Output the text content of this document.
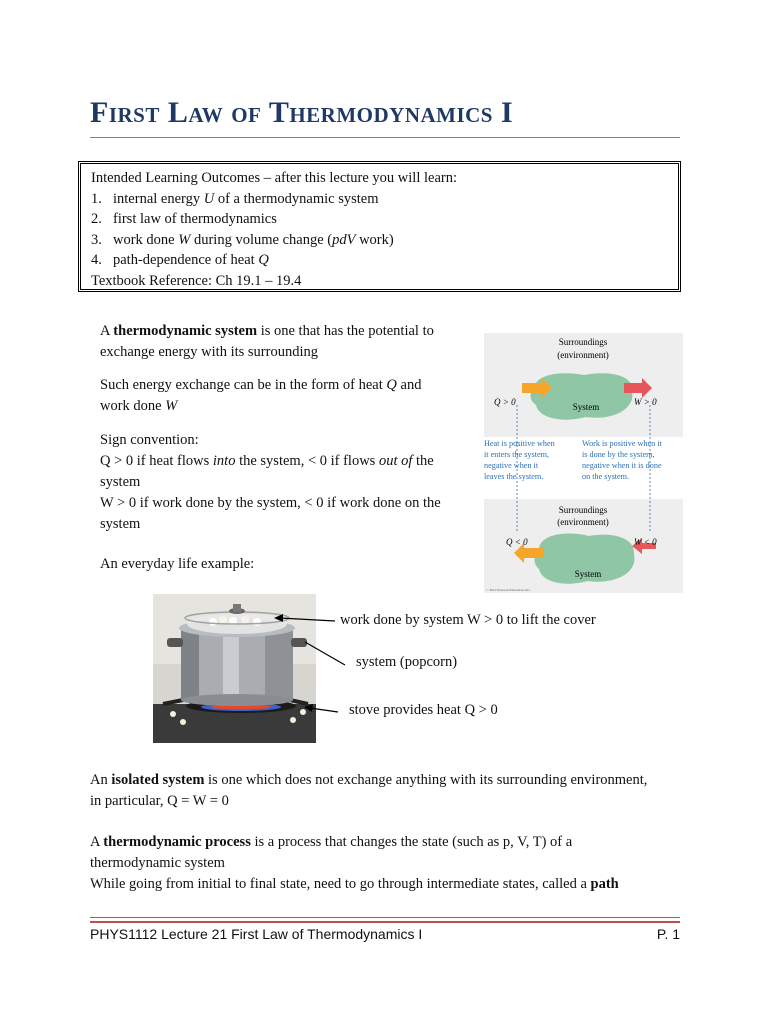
First Law of Thermodynamics I
Intended Learning Outcomes – after this lecture you will learn:
1. internal energy U of a thermodynamic system
2. first law of thermodynamics
3. work done W during volume change (pdV work)
4. path-dependence of heat Q
Textbook Reference: Ch 19.1 – 19.4
A thermodynamic system is one that has the potential to
exchange energy with its surrounding
Such energy exchange can be in the form of heat Q and
work done W
Sign convention:
Q > 0 if heat flows into the system, < 0 if flows out of the
system
W > 0 if work done by the system, < 0 if work done on the
system
An everyday life example:
Surroundings
(environment)
System
Q > 0	W > 0
Heat is positive when
it enters the system,
negative when it
leaves the system.
Work is positive when it
is done by the system,
negative when it is done
on the system.
Surroundings
(environment)
System
Q < 0	W < 0
© 2012 Pearson Education, Inc.
work done by system W > 0 to lift the cover
system (popcorn)
stove provides heat Q > 0
An isolated system is one which does not exchange anything with its surrounding environment,
in particular, Q = W = 0
A thermodynamic process is a process that changes the state (such as p, V, T) of a
thermodynamic system
While going from initial to final state, need to go through intermediate states, called a path
PHYS1112 Lecture 21 First Law of Thermodynamics I	P. 1
